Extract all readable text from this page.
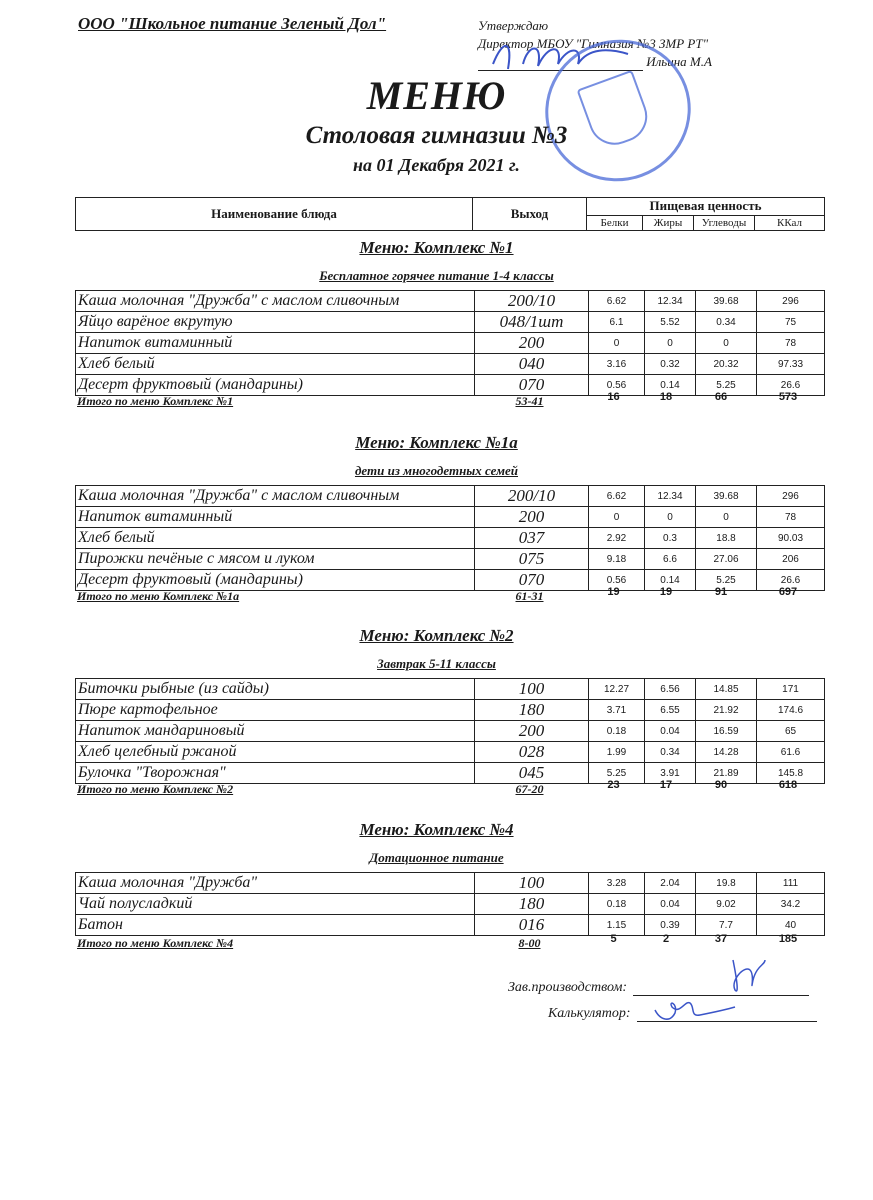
ООО "Школьное питание Зеленый Дол"	Утверждаю
Директор МБОУ "Гимназия №3 ЗМР РТ"
Ильина М.А
МЕНЮ
Столовая гимназии №3
на 01 Декабря 2021 г.
Наименование блюда	Выход	Пищевая ценность			
		Белки	Жиры	Углеводы	ККал
Меню: Комплекс №1
Бесплатное горячее питание 1-4 классы
Каша молочная "Дружба" с маслом сливочным	200/10	6.62	12.34	39.68	296
Яйцо варёное вкрутую	048/1шт	6.1	5.52	0.34	75
Напиток витаминный	200	0	0	0	78
Хлеб белый	040	3.16	0.32	20.32	97.33
Десерт фруктовый (мандарины)	070	0.56	0.14	5.25	26.6
Итого по меню Комплекс №1	53-41	16	18	66	573
Меню: Комплекс №1а
дети из многодетных семей
Каша молочная "Дружба" с маслом сливочным	200/10	6.62	12.34	39.68	296
Напиток витаминный	200	0	0	0	78
Хлеб белый	037	2.92	0.3	18.8	90.03
Пирожки печёные с мясом и луком	075	9.18	6.6	27.06	206
Десерт фруктовый (мандарины)	070	0.56	0.14	5.25	26.6
Итого по меню Комплекс №1а	61-31	19	19	91	697
Меню: Комплекс №2
Завтрак 5-11 классы
Биточки рыбные (из сайды)	100	12.27	6.56	14.85	171
Пюре картофельное	180	3.71	6.55	21.92	174.6
Напиток мандариновый	200	0.18	0.04	16.59	65
Хлеб целебный ржаной	028	1.99	0.34	14.28	61.6
Булочка "Творожная"	045	5.25	3.91	21.89	145.8
Итого по меню Комплекс №2	67-20	23	17	90	618
Меню: Комплекс №4
Дотационное питание
Каша молочная "Дружба"	100	3.28	2.04	19.8	111
Чай полусладкий	180	0.18	0.04	9.02	34.2
Батон	016	1.15	0.39	7.7	40
Итого по меню Комплекс №4	8-00	5	2	37	185
Зав.производством:
Калькулятор:
